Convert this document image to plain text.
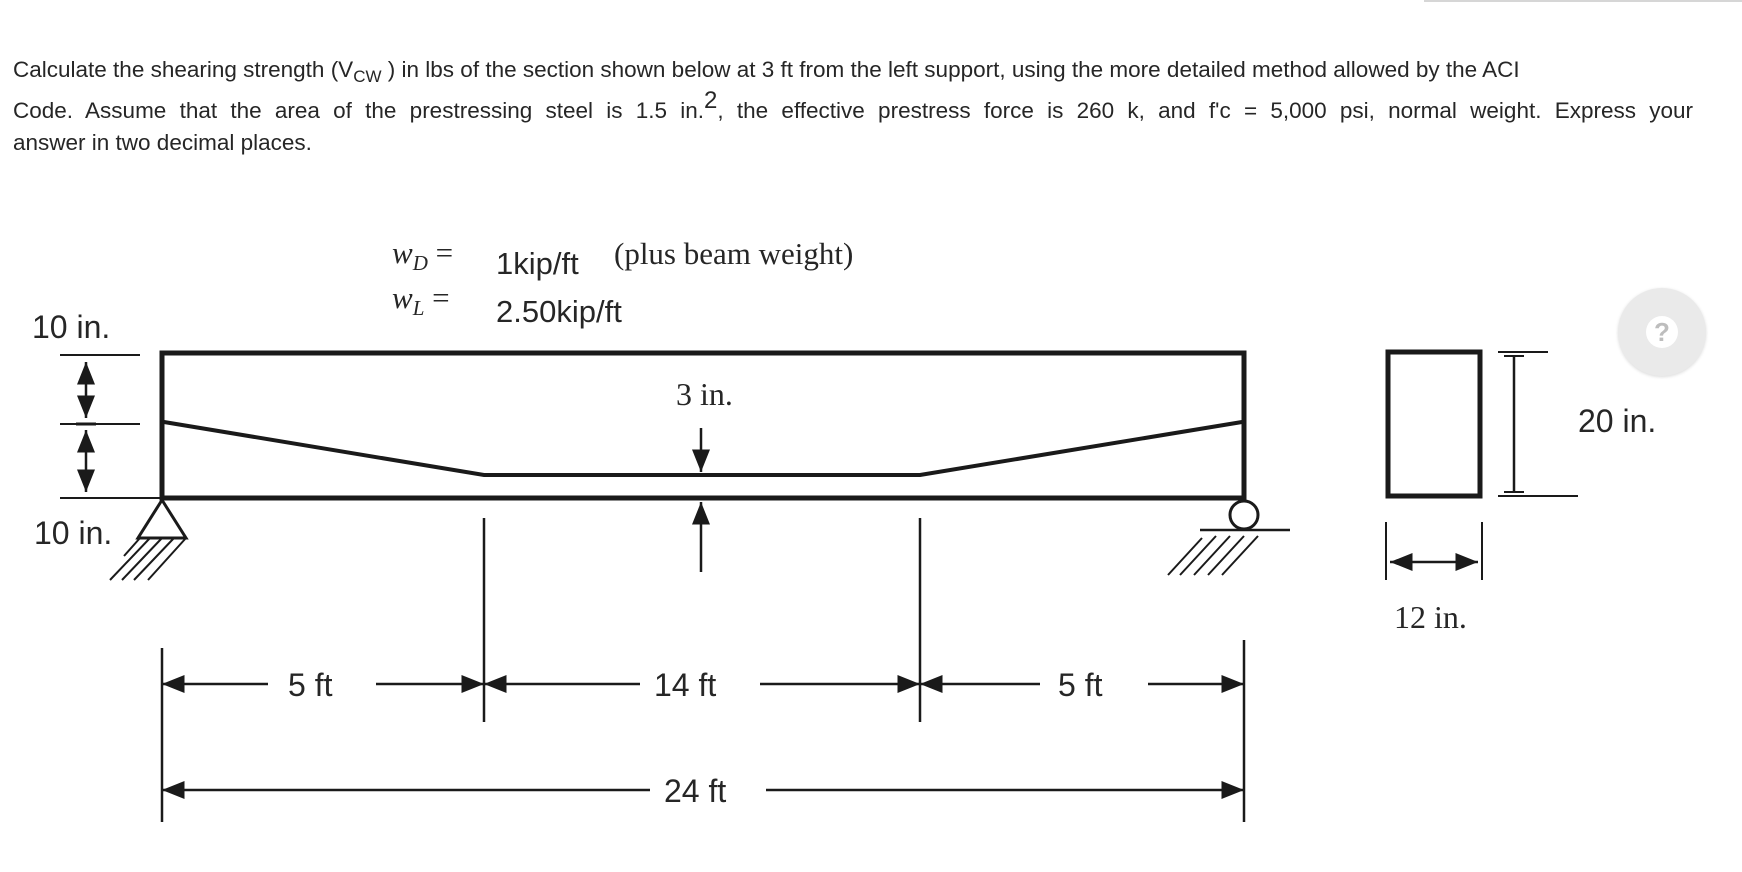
Calculate the shearing strength ($V_{CW}$ ) in lbs of the section shown below at 3 ft from the left support, using the more detailed method allowed by the ACI
Code. Assume that the area of the prestressing steel is 1.5 in.$^2$, the effective prestress force is 260 k, and f'c = 5,000 psi, normal weight. Express your
answer in two decimal places.
$w_D = 1kip/ft$ (plus beam weight)
$w_L = 2.50kip/ft$
10 in.
10 in.
3 in.
5 ft	14 ft	5 ft
24 ft
20 in.
12 in.
?
